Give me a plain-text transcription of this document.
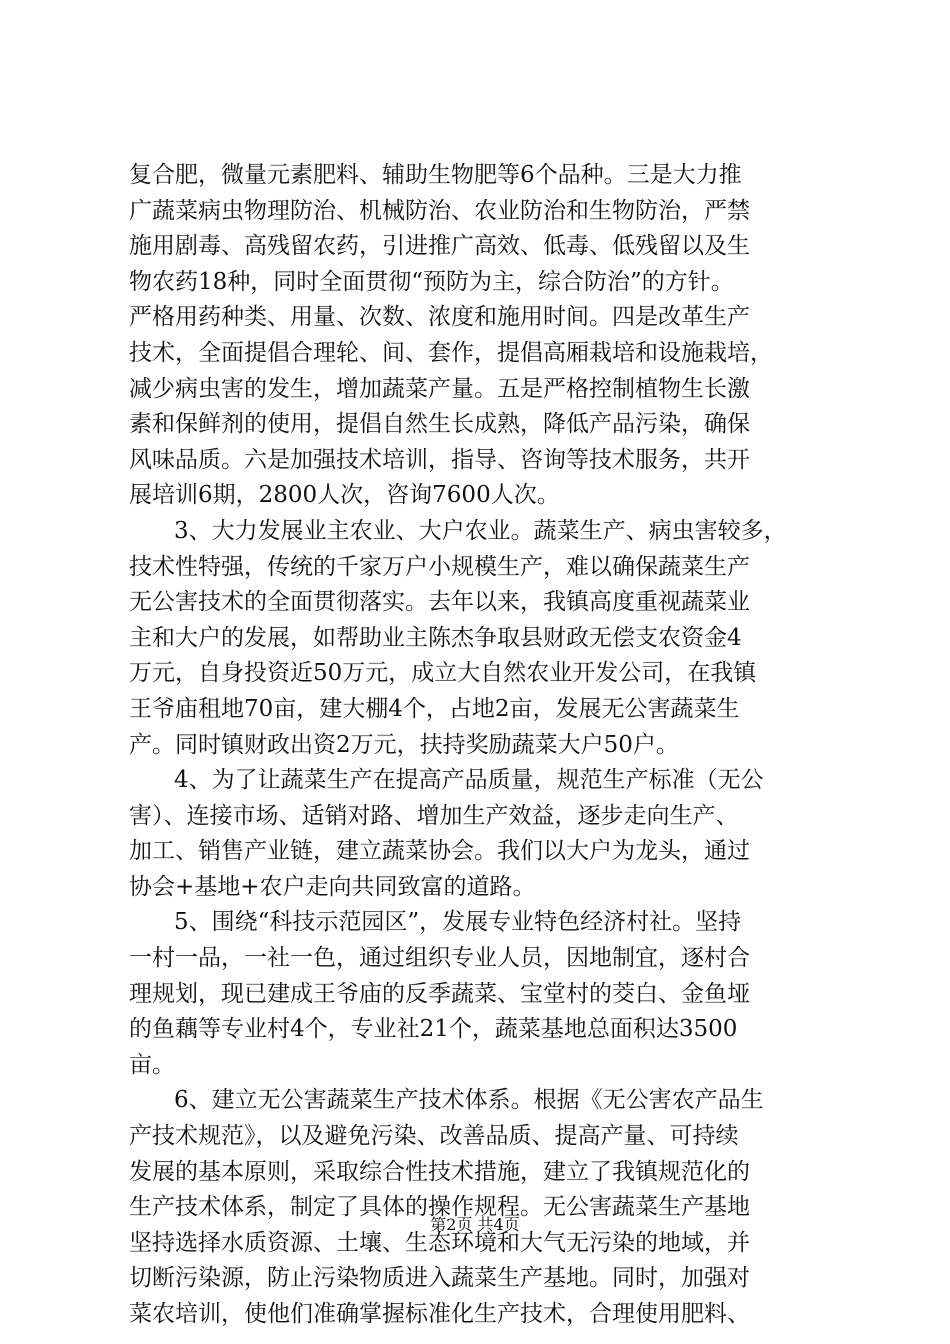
复合肥，微量元素肥料、辅助生物肥等6个品种。三是大力推
广蔬菜病虫物理防治、机械防治、农业防治和生物防治，严禁
施用剧毒、高残留农药，引进推广高效、低毒、低残留以及生
物农药18种，同时全面贯彻“预防为主，综合防治”的方针。
严格用药种类、用量、次数、浓度和施用时间。四是改革生产
技术，全面提倡合理轮、间、套作，提倡高厢栽培和设施栽培，
减少病虫害的发生，增加蔬菜产量。五是严格控制植物生长激
素和保鲜剂的使用，提倡自然生长成熟，降低产品污染，确保
风味品质。六是加强技术培训，指导、咨询等技术服务，共开
展培训6期，2800人次，咨询7600人次。
3、大力发展业主农业、大户农业。蔬菜生产、病虫害较多，
技术性特强，传统的千家万户小规模生产，难以确保蔬菜生产
无公害技术的全面贯彻落实。去年以来，我镇高度重视蔬菜业
主和大户的发展，如帮助业主陈杰争取县财政无偿支农资金4
万元，自身投资近50万元，成立大自然农业开发公司，在我镇
王爷庙租地70亩，建大棚4个，占地2亩，发展无公害蔬菜生
产。同时镇财政出资2万元，扶持奖励蔬菜大户50户。
4、为了让蔬菜生产在提高产品质量，规范生产标准（无公
害）、连接市场、适销对路、增加生产效益，逐步走向生产、
加工、销售产业链，建立蔬菜协会。我们以大户为龙头，通过
协会+基地+农户走向共同致富的道路。
5、围绕“科技示范园区”，发展专业特色经济村社。坚持
一村一品，一社一色，通过组织专业人员，因地制宜，逐村合
理规划，现已建成王爷庙的反季蔬菜、宝堂村的茭白、金鱼垭
的鱼藕等专业村4个，专业社21个，蔬菜基地总面积达3500
亩。
6、建立无公害蔬菜生产技术体系。根据《无公害农产品生
产技术规范》，以及避免污染、改善品质、提高产量、可持续
发展的基本原则，采取综合性技术措施，建立了我镇规范化的
生产技术体系，制定了具体的操作规程。无公害蔬菜生产基地
坚持选择水质资源、土壤、生态环境和大气无污染的地域，并
切断污染源，防止污染物质进入蔬菜生产基地。同时，加强对
菜农培训，使他们准确掌握标准化生产技术，合理使用肥料、
第2页 共4页
